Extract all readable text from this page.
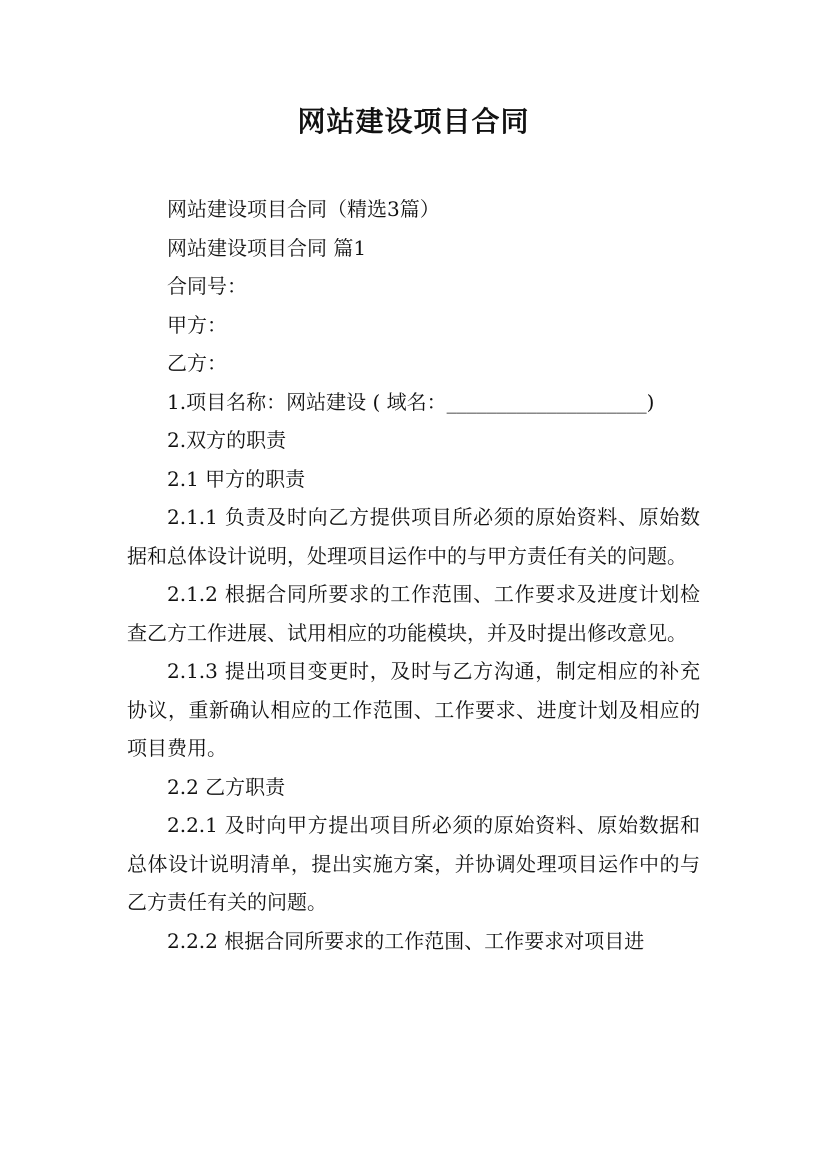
网站建设项目合同

网站建设项目合同（精选3篇）

网站建设项目合同 篇1

合同号：

甲方：

乙方：

1.项目名称：网站建设 ( 域名：____________________)

2.双方的职责

2.1 甲方的职责

2.1.1 负责及时向乙方提供项目所必须的原始资料、原始数据和总体设计说明，处理项目运作中的与甲方责任有关的问题。

2.1.2 根据合同所要求的工作范围、工作要求及进度计划检查乙方工作进展、试用相应的功能模块，并及时提出修改意见。

2.1.3 提出项目变更时，及时与乙方沟通，制定相应的补充协议，重新确认相应的工作范围、工作要求、进度计划及相应的项目费用。

2.2 乙方职责

2.2.1 及时向甲方提出项目所必须的原始资料、原始数据和总体设计说明清单，提出实施方案，并协调处理项目运作中的与乙方责任有关的问题。

2.2.2 根据合同所要求的工作范围、工作要求对项目进
